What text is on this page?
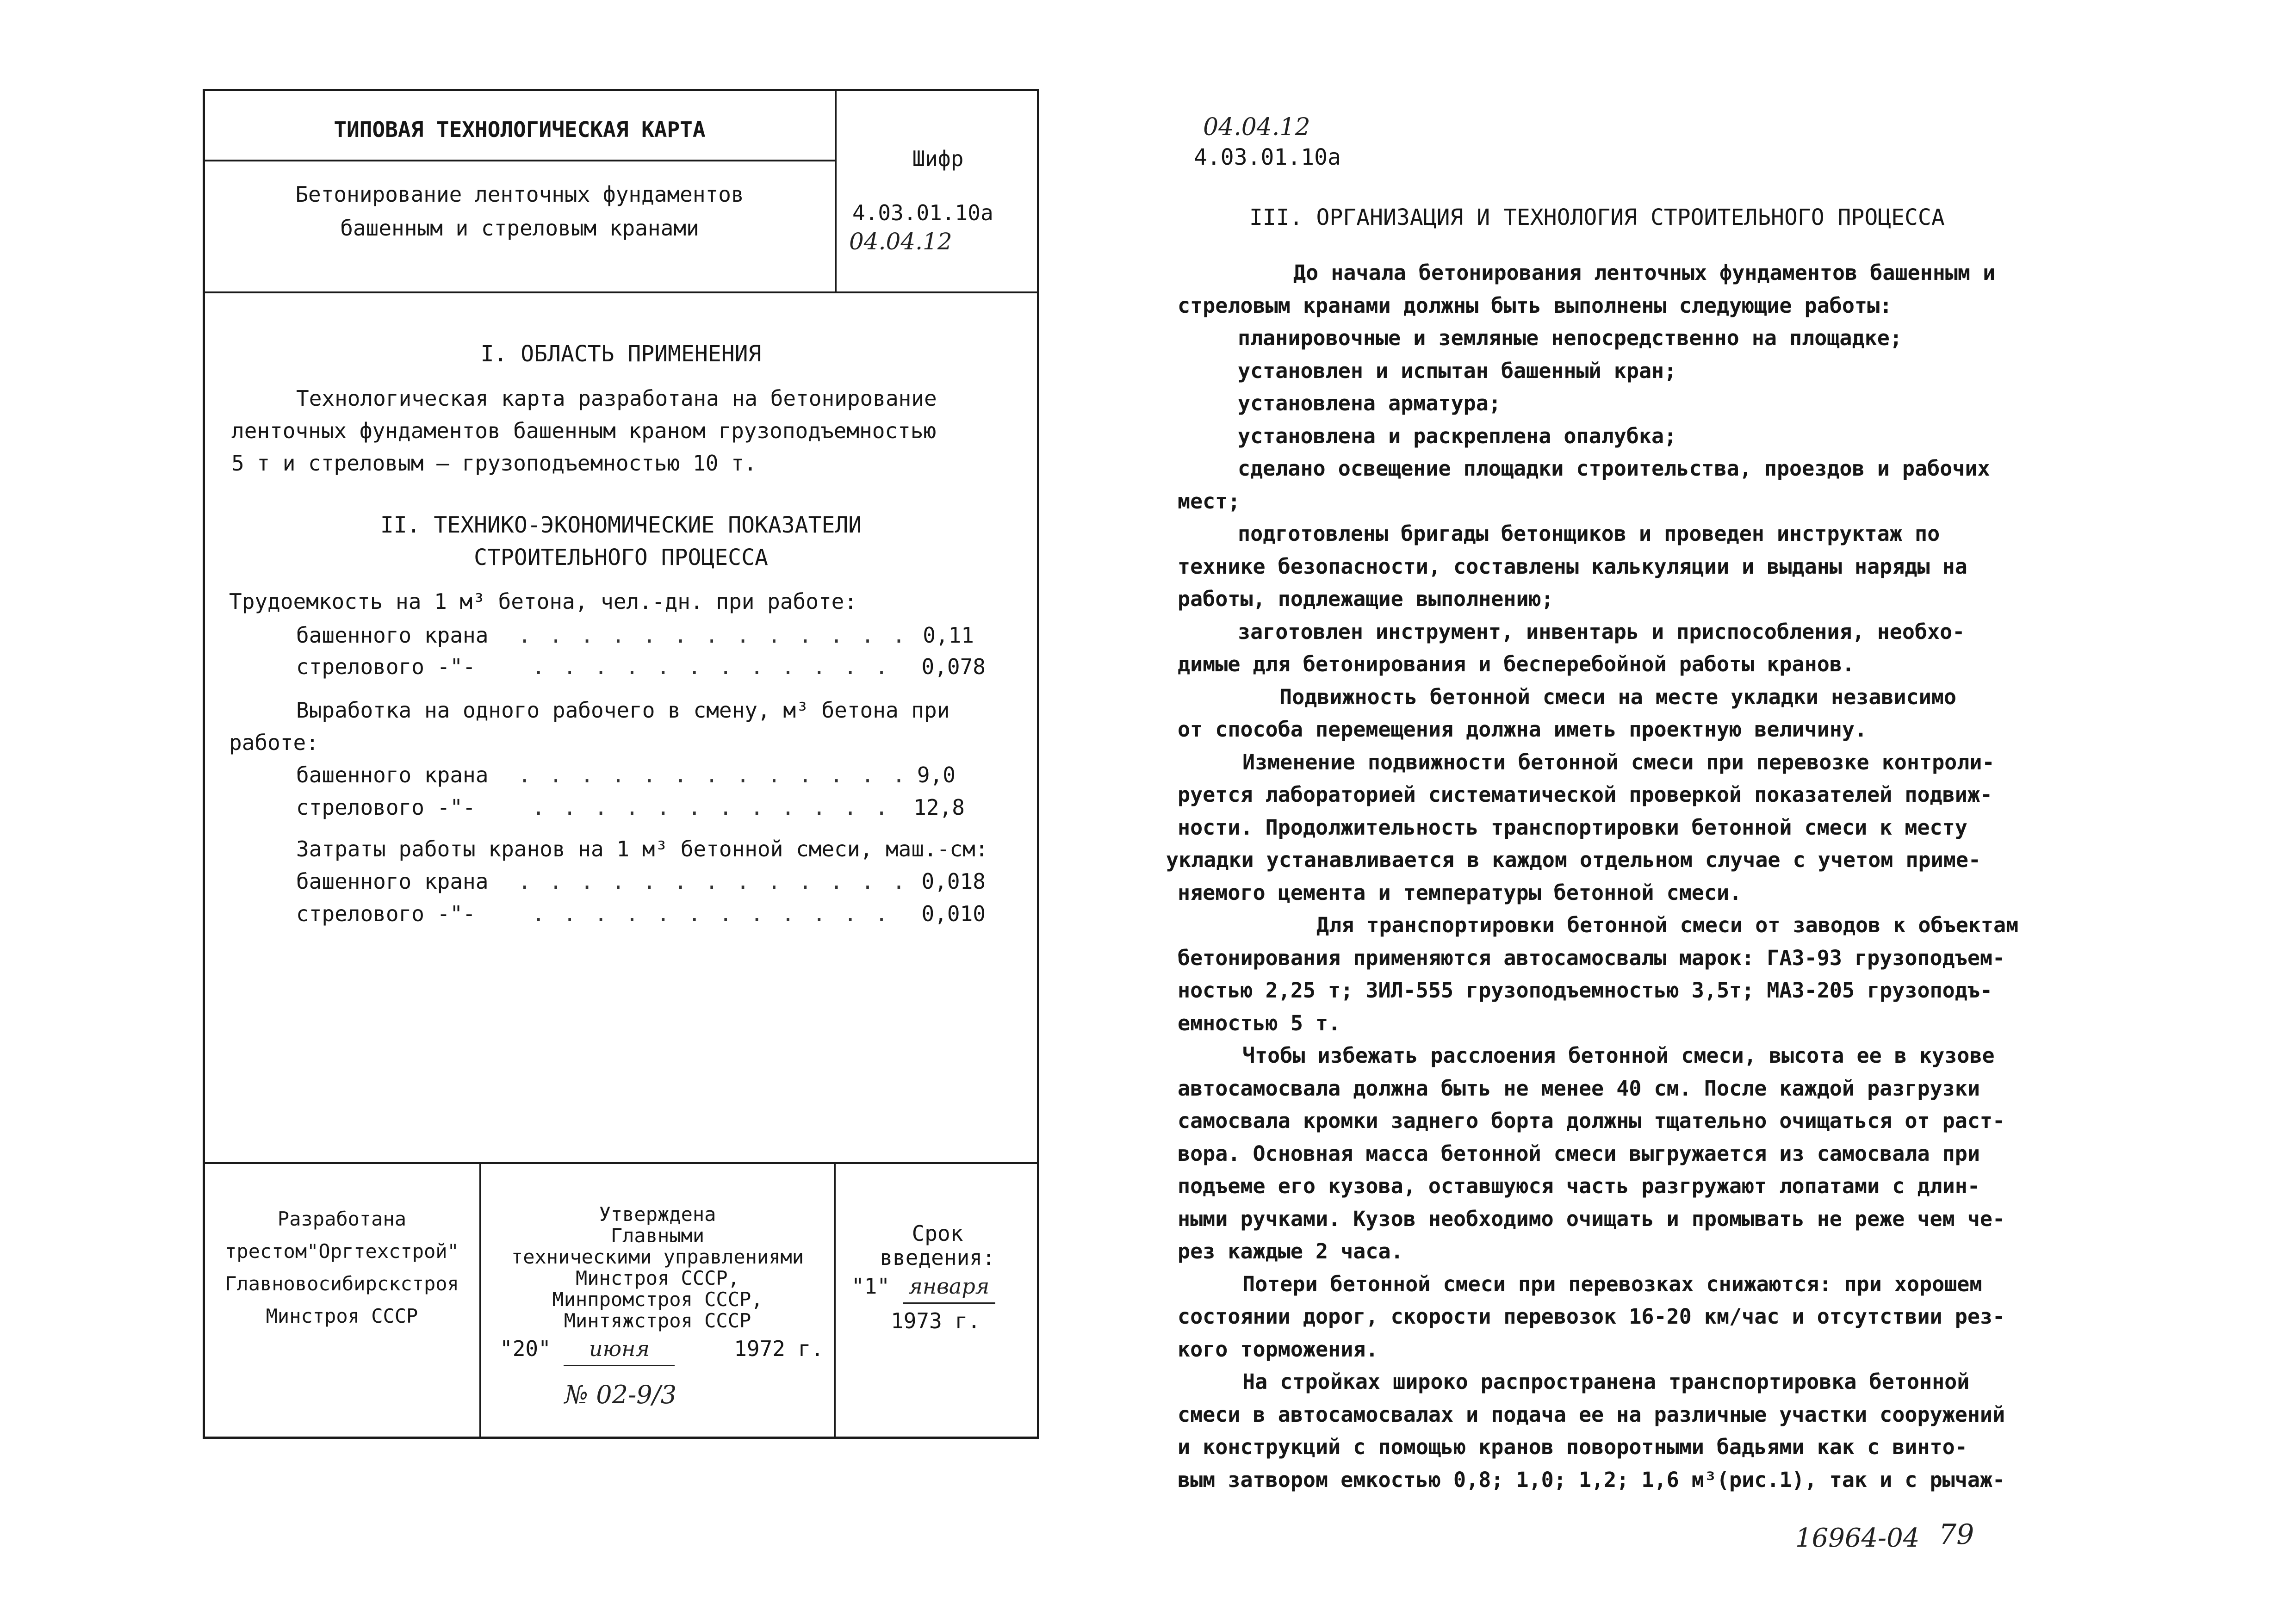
ТИПОВАЯ ТЕХНОЛОГИЧЕСКАЯ КАРТА
Бетонирование ленточных фундаментов
башенным и стреловым кранами
Шифр
4.03.01.10а
04.04.12
I. ОБЛАСТЬ ПРИМЕНЕНИЯ
Технологическая карта разработана на бетонирование
ленточных фундаментов башенным краном грузоподъемностью
5 т и стреловым – грузоподъемностью 10 т.
II. ТЕХНИКО-ЭКОНОМИЧЕСКИЕ ПОКАЗАТЕЛИ
СТРОИТЕЛЬНОГО ПРОЦЕССА
Трудоемкость на 1 м³ бетона, чел.-дн. при работе:
башенного крана . . . . . . . . . . . . . 0,11
стрелового -"-	. . . . . . . . . . . .	0,078
Выработка на одного рабочего в смену, м³ бетона при
работе:
башенного крана . . . . . . . . . . . . . 9,0
стрелового -"-	. . . . . . . . . . . .	12,8
Затраты работы кранов на 1 м³ бетонной смеси, маш.-см:
башенного крана . . . . . . . . . . . . . 0,018
стрелового -"-	. . . . . . . . . . . .	0,010
Разработана
трестом"Оргтехстрой"
Главновосибирскстроя
Минстроя СССР
Утверждена
Главными
техническими управлениями
Минстроя СССР,
Минпромстроя СССР,
Минтяжстроя СССР
"20" июня	1972 г.
№ 02-9/3
Срок
введения:
"1" января
1973 г.
04.04.12
4.03.01.10а
III. ОРГАНИЗАЦИЯ И ТЕХНОЛОГИЯ СТРОИТЕЛЬНОГО ПРОЦЕССА
До начала бетонирования ленточных фундаментов башенным и
стреловым кранами должны быть выполнены следующие работы:
планировочные и земляные непосредственно на площадке;
установлен и испытан башенный кран;
установлена арматура;
установлена и раскреплена опалубка;
сделано освещение площадки строительства, проездов и рабочих
мест;
подготовлены бригады бетонщиков и проведен инструктаж по
технике безопасности, составлены калькуляции и выданы наряды на
работы, подлежащие выполнению;
заготовлен инструмент, инвентарь и приспособления, необхо-
димые для бетонирования и бесперебойной работы кранов.
Подвижность бетонной смеси на месте укладки независимо
от способа перемещения должна иметь проектную величину.
Изменение подвижности бетонной смеси при перевозке контроли-
руется лабораторией систематической проверкой показателей подвиж-
ности. Продолжительность транспортировки бетонной смеси к месту
укладки устанавливается в каждом отдельном случае с учетом приме-
няемого цемента и температуры бетонной смеси.
Для транспортировки бетонной смеси от заводов к объектам
бетонирования применяются автосамосвалы марок: ГАЗ-93 грузоподъем-
ностью 2,25 т; ЗИЛ-555 грузоподъемностью 3,5т; МАЗ-205 грузоподъ-
емностью 5 т.
Чтобы избежать расслоения бетонной смеси, высота ее в кузове
автосамосвала должна быть не менее 40 см. После каждой разгрузки
самосвала кромки заднего борта должны тщательно очищаться от раст-
вора. Основная масса бетонной смеси выгружается из самосвала при
подъеме его кузова, оставшуюся часть разгружают лопатами с длин-
ными ручками. Кузов необходимо очищать и промывать не реже чем че-
рез каждые 2 часа.
Потери бетонной смеси при перевозках снижаются: при хорошем
состоянии дорог, скорости перевозок 16-20 км/час и отсутствии рез-
кого торможения.
На стройках широко распространена транспортировка бетонной
смеси в автосамосвалах и подача ее на различные участки сооружений
и конструкций с помощью кранов поворотными бадьями как с винто-
вым затвором емкостью 0,8; 1,0; 1,2; 1,6 м³(рис.1), так и с рычаж-
16964-04 79
